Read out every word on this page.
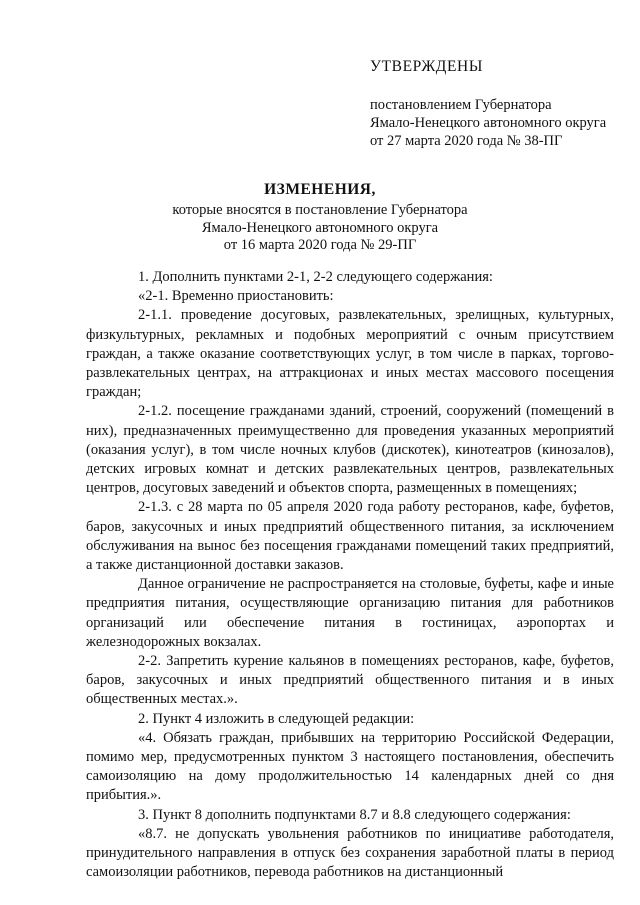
УТВЕРЖДЕНЫ
постановлением Губернатора
Ямало-Ненецкого автономного округа
от 27 марта 2020 года № 38-ПГ
ИЗМЕНЕНИЯ,
которые вносятся в постановление Губернатора
Ямало-Ненецкого автономного округа
от 16 марта 2020 года № 29-ПГ

1. Дополнить пунктами 2-1, 2-2 следующего содержания:

«2-1. Временно приостановить:

2-1.1. проведение досуговых, развлекательных, зрелищных, культурных, физкультурных, рекламных и подобных мероприятий с очным присутствием граждан, а также оказание соответствующих услуг, в том числе в парках, торгово-развлекательных центрах, на аттракционах и иных местах массового посещения граждан;

2-1.2. посещение гражданами зданий, строений, сооружений (помещений в них), предназначенных преимущественно для проведения указанных мероприятий (оказания услуг), в том числе ночных клубов (дискотек), кинотеатров (кинозалов), детских игровых комнат и детских развлекательных центров, развлекательных центров, досуговых заведений и объектов спорта, размещенных в помещениях;

2-1.3. с 28 марта по 05 апреля 2020 года работу ресторанов, кафе, буфетов, баров, закусочных и иных предприятий общественного питания, за исключением обслуживания на вынос без посещения гражданами помещений таких предприятий, а также дистанционной доставки заказов.

Данное ограничение не распространяется на столовые, буфеты, кафе и иные предприятия питания, осуществляющие организацию питания для работников организаций или обеспечение питания в гостиницах, аэропортах и железнодорожных вокзалах.

2-2. Запретить курение кальянов в помещениях ресторанов, кафе, буфетов, баров, закусочных и иных предприятий общественного питания и в иных общественных местах.».

2. Пункт 4 изложить в следующей редакции:

«4. Обязать граждан, прибывших на территорию Российской Федерации, помимо мер, предусмотренных пунктом 3 настоящего постановления, обеспечить самоизоляцию на дому продолжительностью 14 календарных дней со дня прибытия.».

3. Пункт 8 дополнить подпунктами 8.7 и 8.8 следующего содержания:

«8.7. не допускать увольнения работников по инициативе работодателя, принудительного направления в отпуск без сохранения заработной платы в период самоизоляции работников, перевода работников на дистанционный
